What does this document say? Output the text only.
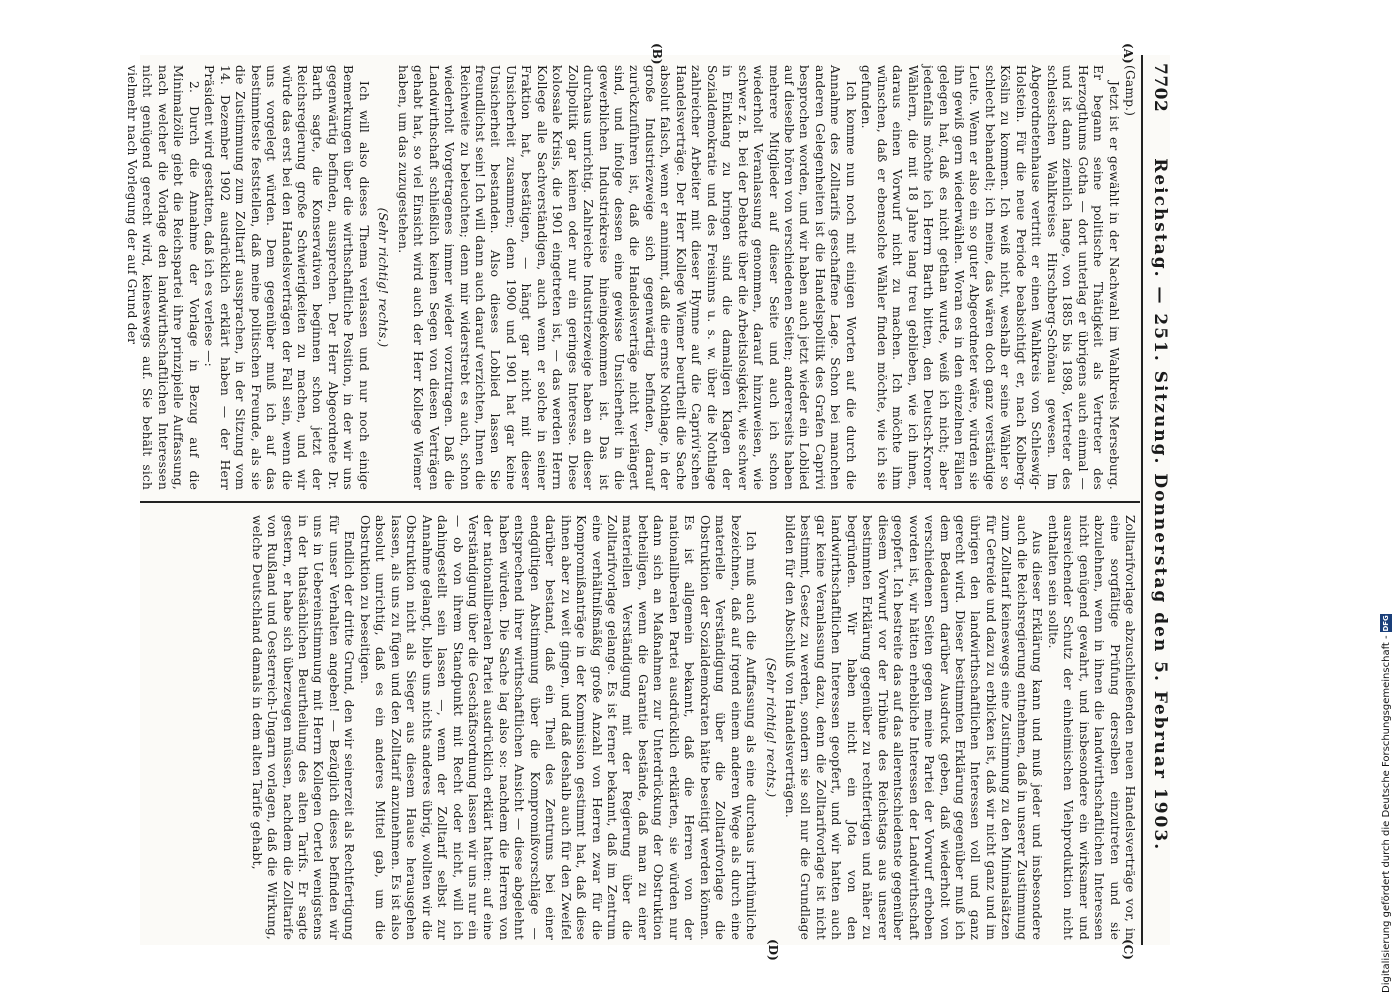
7702
Reichstag. — 251. Sitzung. Donnerstag den 5. Februar 1903.
(A)
(B)
(C)
(D)
(Gamp.)

Jetzt ist er gewählt in der Nachwahl im Wahlkreis Merseburg. Er begann seine politische Thätigkeit als Vertreter des Herzogthums Gotha — dort unterlag er übrigens auch einmal — und ist dann ziemlich lange, von 1885 bis 1898, Vertreter des schlesischen Wahlkreises Hirschberg-Schönau gewesen. Im Abgeordnetenhause vertritt er einen Wahlkreis von Schleswig-Holstein. Für die neue Periode beabsichtigt er, nach Kolberg-Köslin zu kommen. Ich weiß nicht, weshalb er seine Wähler so schlecht behandelt; ich meine, das wären doch ganz verständige Leute. Wenn er also ein so guter Abgeordneter wäre, würden sie ihn gewiß gern wiederwählen. Woran es in den einzelnen Fällen gelegen hat, daß es nicht gethan wurde, weiß ich nicht; aber jedenfalls möchte ich Herrn Barth bitten, den Deutsch-Kroner Wählern, die mit 18 Jahre lang treu geblieben, wie ich ihnen, daraus einen Vorwurf nicht zu machen. Ich möchte ihm wünschen, daß er ebensolche Wähler finden möchte, wie ich sie gefunden.

Ich komme nun noch mit einigen Worten auf die durch die Annahme des Zolltarifs geschaffene Lage. Schon bei manchen anderen Gelegenheiten ist die Handelspolitik des Grafen Caprivi besprochen worden, und wir haben auch jetzt wieder ein Loblied auf dieselbe hören von verschiedenen Seiten; andererseits haben mehrere Mitglieder auf dieser Seite und auch ich schon wiederholt Veranlassung genommen, darauf hinzuweisen, wie schwer z. B. bei der Debatte über die Arbeitslosigkeit, wie schwer in Einklang zu bringen sind die damaligen Klagen der Sozialdemokratie und des Freisinns u. s. w. über die Nothlage zahlreicher Arbeiter mit dieser Hymne auf die Caprivi'schen Handelsverträge. Der Herr Kollege Wiemer beurtheilt die Sache absolut falsch, wenn er annimmt, daß die ernste Nothlage, in der große Industriezweige sich gegenwärtig befinden, darauf zurückzuführen ist, daß die Handelsverträge nicht verlängert sind, und infolge dessen eine gewisse Unsicherheit in die gewerblichen Industriekreise hineingekommen ist. Das ist durchaus unrichtig. Zahlreiche Industriezweige haben an dieser Zollpolitik gar keinen oder nur ein geringes Interesse. Diese kolossale Krisis, die 1901 eingetreten ist, — das werden Herrn Kollege alle Sachverständigen, auch wenn er solche in seiner Fraktion hat, bestätigen, — hängt gar nicht mit dieser Unsicherheit zusammen; denn 1900 und 1901 hat gar keine Unsicherheit bestanden. Also dieses Loblied lassen Sie freundlichst sein! Ich will dann auch darauf verzichten, Ihnen die Reichweite zu beleuchten; denn mir widerstrebt es auch, schon wiederholt Vorgetragenes immer wieder vorzutragen. Daß die Landwirthschaft schließlich keinen Segen von diesen Verträgen gehabt hat, so viel Einsicht wird auch der Herr Kollege Wiemer haben, um das zuzugestehen.

(Sehr richtig! rechts.)

Ich will also dieses Thema verlassen und nur noch einige Bemerkungen über die wirthschaftliche Position, in der wir uns gegenwärtig befinden, aussprechen. Der Herr Abgeordnete Dr. Barth sagte, die Konservativen beginnen schon jetzt der Reichsregierung große Schwierigkeiten zu machen, und wir würde das erst bei den Handelsverträgen der Fall sein, wenn die uns vorgelegt würden. Dem gegenüber muß ich auf das bestimmteste feststellen, daß meine politischen Freunde, als sie die Zustimmung zum Zolltarif aussprachen, in der Sitzung vom 14. Dezember 1902 ausdrücklich erklärt haben — der Herr Präsident wird gestatten, daß ich es verlese —:

2. Durch die Annahme der Vorlage in Bezug auf die Minimalzölle giebt die Reichspartei ihre prinzipielle Auffassung, nach welcher die Vorlage den landwirthschaftlichen Interessen nicht genügend gerecht wird, keineswegs auf. Sie behält sich vielmehr nach Vorlegung der auf Grund der

Zolltarifvorlage abzuschließenden neuen Handelsverträge vor, in eine sorgfältige Prüfung derselben einzutreten und sie abzulehnen, wenn in ihnen die landwirthschaftlichen Interessen nicht genügend gewahrt, und insbesondere ein wirksamer und ausreichender Schutz der einheimischen Viehproduktion nicht enthalten sein sollte.

Aus dieser Erklärung kann und muß jeder und insbesondere auch die Reichsregierung entnehmen, daß in unserer Zustimmung zum Zolltarif keineswegs eine Zustimmung zu den Minimalsätzen für Getreide und dazu zu erblicken ist, daß wir nicht ganz und im übrigen den landwirthschaftlichen Interessen voll und ganz gerecht wird. Dieser bestimmten Erklärung gegenüber muß ich dem Bedauern darüber Ausdruck geben, daß wiederholt von verschiedenen Seiten gegen meine Partei der Vorwurf erhoben worden ist, wir hätten erhebliche Interessen der Landwirthschaft geopfert. Ich bestreite das auf das allerentschiedenste gegenüber diesem Vorwurf vor der Tribüne des Reichstags aus unserer bestimmten Erklärung gegenüber zu rechtfertigen und näher zu begründen. Wir haben nicht ein Jota von den landwirthschaftlichen Interessen geopfert, und wir hatten auch gar keine Veranlassung dazu, denn die Zolltarifvorlage ist nicht bestimmt, Gesetz zu werden, sondern sie soll nur die Grundlage bilden für den Abschluß von Handelsverträgen.

(Sehr richtig! rechts.)

Ich muß auch die Auffassung als eine durchaus irrthümliche bezeichnen, daß auf irgend einem anderen Wege als durch eine materielle Verständigung über die Zolltarifvorlage die Obstruktion der Sozialdemokraten hätte beseitigt werden können. Es ist allgemein bekannt, daß die Herren von der nationalliberalen Partei ausdrücklich erklärten, sie würden nur dann sich an Maßnahmen zur Unterdrückung der Obstruktion betheiligen, wenn die Garantie bestände, daß man zu einer materiellen Verständigung mit der Regierung über die Zolltarifvorlage gelange. Es ist ferner bekannt, daß im Zentrum eine verhältnißmäßig große Anzahl von Herren zwar für die Kompromißanträge in der Kommission gestimmt hat, daß diese ihnen aber zu weit gingen, und daß deshalb auch für den Zweifel darüber bestand, daß ein Theil des Zentrums bei einer endgültigen Abstimmung über die Kompromißvorschläge — entsprechend ihrer wirthschaftlichen Ansicht — diese abgelehnt haben würden. Die Sache lag also so: nachdem die Herren von der nationalliberalen Partei ausdrücklich erklärt hatten: auf eine Verständigung über die Geschäftsordnung lassen wir uns nur ein — ob von ihrem Standpunkt mit Recht oder nicht, will ich dahingestellt sein lassen —, wenn der Zolltarif selbst zur Annahme gelangt, blieb uns nichts anderes übrig, wollten wir die Obstruktion nicht als Sieger aus diesem Hause herausgehen lassen, als uns zu fügen und den Zolltarif anzunehmen. Es ist also absolut unrichtig, daß es ein anderes Mittel gab, um die Obstruktion zu beseitigen.

Endlich der dritte Grund, den wir seinerzeit als Rechtfertigung für unser Verhalten angeben! — Bezüglich dieses befinden wir uns in Uebereinstimmung mit Herrn Kollegen Oertel wenigstens in der thatsächlichen Beurtheilung des alten Tarifs. Er sagte gestern, er habe sich überzeugen müssen, nachdem die Zolltarife von Rußland und Oesterreich-Ungarn vorlagen, daß die Wirkung, welche Deutschland damals in dem alten Tarife gehabt,	Digitalisierung gefördert durch die Deutsche Forschungsgemeinschaft -
DFG
